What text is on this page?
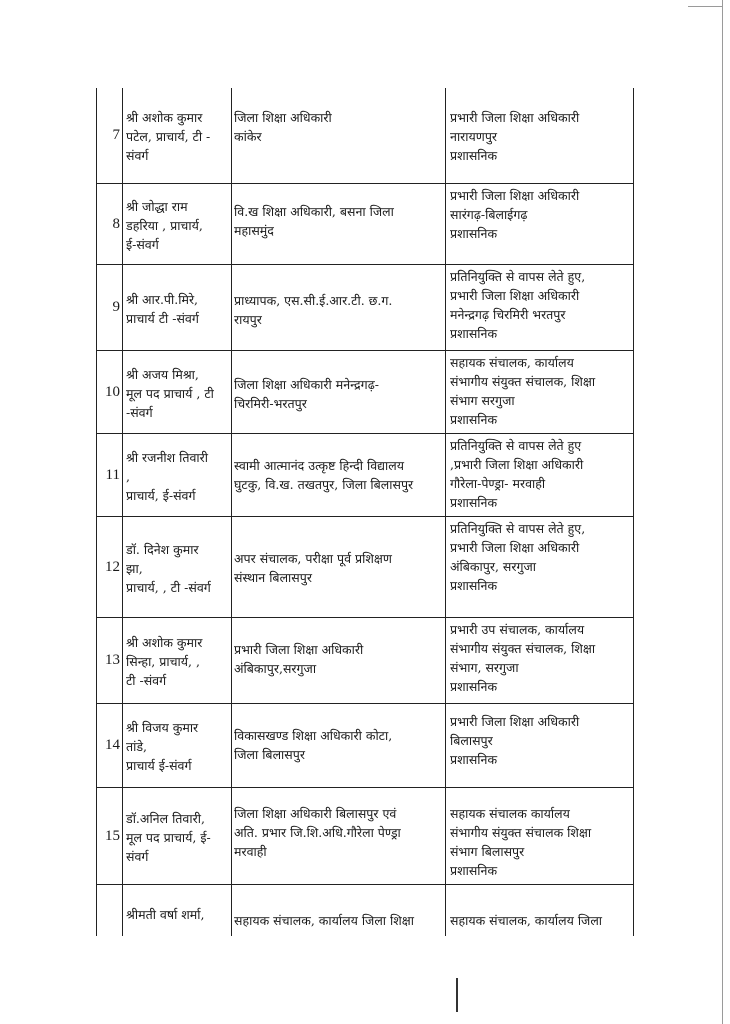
7
श्री अशोक कुमार
पटेल, प्राचार्य, टी -
संवर्ग
जिला शिक्षा अधिकारी
कांकेर
प्रभारी जिला शिक्षा अधिकारी
नारायणपुर
प्रशासनिक
8
श्री जोद्धा राम
डहरिया , प्राचार्य,
ई-संवर्ग
वि.ख शिक्षा अधिकारी, बसना जिला
महासमुंद
प्रभारी जिला शिक्षा अधिकारी
सारंगढ़-बिलाईगढ़
प्रशासनिक
9 श्री आर.पी.मिरे,
प्राचार्य टी -संवर्ग
प्राध्यापक, एस.सी.ई.आर.टी. छ.ग.
रायपुर
प्रतिनियुक्ति से वापस लेते हुए,
प्रभारी जिला शिक्षा अधिकारी
मनेन्द्रगढ़ चिरमिरी भरतपुर
प्रशासनिक
10
श्री अजय मिश्रा,
मूल पद प्राचार्य , टी
-संवर्ग
जिला शिक्षा अधिकारी मनेन्द्रगढ़-
चिरमिरी-भरतपुर
सहायक संचालक, कार्यालय
संभागीय संयुक्त संचालक, शिक्षा
संभाग सरगुजा
प्रशासनिक
11
श्री रजनीश तिवारी
,
प्राचार्य, ई-संवर्ग
स्वामी आत्मानंद उत्कृष्ट हिन्दी विद्यालय
घुटकु, वि.ख. तखतपुर, जिला बिलासपुर
प्रतिनियुक्ति से वापस लेते हुए
,प्रभारी जिला शिक्षा अधिकारी
गौरेला-पेण्ड्रा- मरवाही
प्रशासनिक
12
डॉ. दिनेश कुमार
झा,
प्राचार्य, , टी -संवर्ग
अपर संचालक, परीक्षा पूर्व प्रशिक्षण
संस्थान बिलासपुर
प्रतिनियुक्ति से वापस लेते हुए,
प्रभारी जिला शिक्षा अधिकारी
अंबिकापुर, सरगुजा
प्रशासनिक
13
श्री अशोक कुमार
सिन्हा, प्राचार्य, ,
टी -संवर्ग
प्रभारी जिला शिक्षा अधिकारी
अंबिकापुर,सरगुजा
प्रभारी उप संचालक, कार्यालय
संभागीय संयुक्त संचालक, शिक्षा
संभाग, सरगुजा
प्रशासनिक
14
श्री विजय कुमार
तांडे,
प्राचार्य ई-संवर्ग
विकासखण्ड शिक्षा अधिकारी कोटा,
जिला बिलासपुर
प्रभारी जिला शिक्षा अधिकारी
बिलासपुर
प्रशासनिक
15
डॉ.अनिल तिवारी,
मूल पद प्राचार्य, ई-
संवर्ग
जिला शिक्षा अधिकारी बिलासपुर एवं
अति. प्रभार जि.शि.अधि.गौरेला पेण्ड्रा
मरवाही
सहायक संचालक कार्यालय
संभागीय संयुक्त संचालक शिक्षा
संभाग बिलासपुर
प्रशासनिक
श्रीमती वर्षा शर्मा,	सहायक संचालक, कार्यालय जिला शिक्षा	सहायक संचालक, कार्यालय जिला
